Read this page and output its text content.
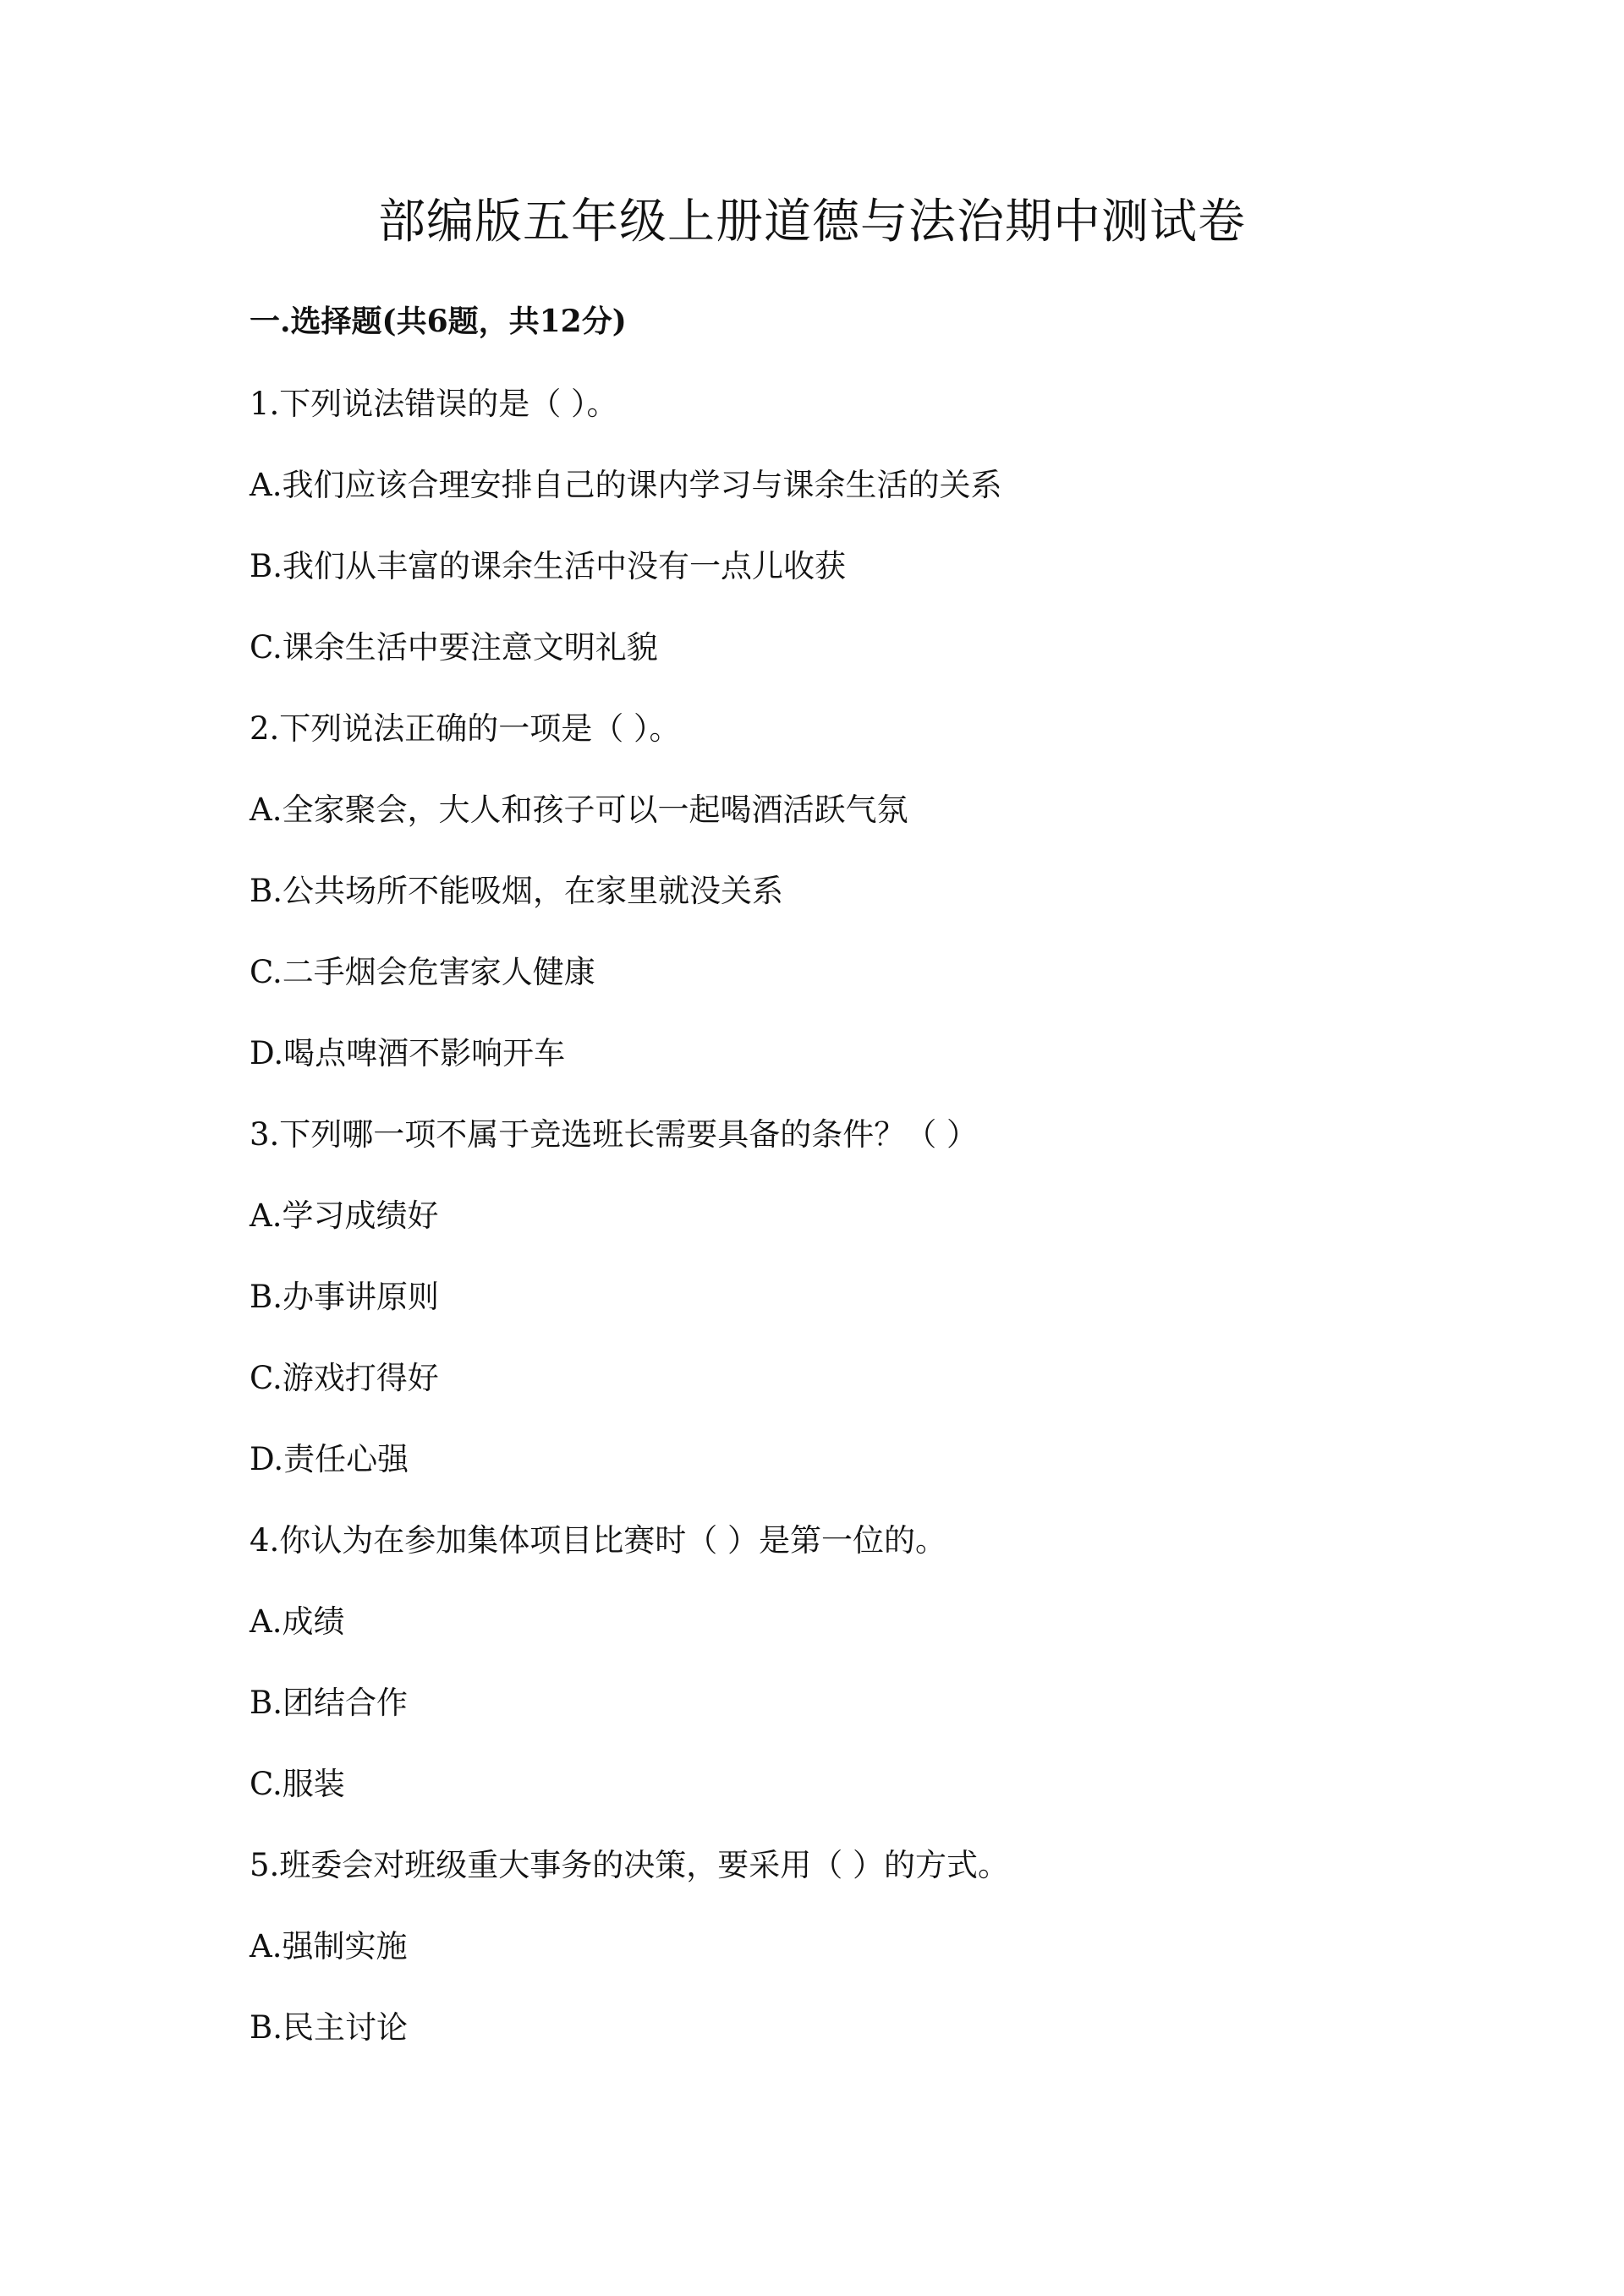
部编版五年级上册道德与法治期中测试卷
一.选择题(共6题，共12分)

1.下列说法错误的是（ ）。

A.我们应该合理安排自己的课内学习与课余生活的关系

B.我们从丰富的课余生活中没有一点儿收获

C.课余生活中要注意文明礼貌

2.下列说法正确的一项是（ ）。

A.全家聚会，大人和孩子可以一起喝酒活跃气氛

B.公共场所不能吸烟，在家里就没关系

C.二手烟会危害家人健康

D.喝点啤酒不影响开车

3.下列哪一项不属于竞选班长需要具备的条件？（ ）

A.学习成绩好

B.办事讲原则

C.游戏打得好

D.责任心强

4.你认为在参加集体项目比赛时（ ）是第一位的。

A.成绩

B.团结合作

C.服装

5.班委会对班级重大事务的决策，要采用（ ）的方式。

A.强制实施

B.民主讨论
